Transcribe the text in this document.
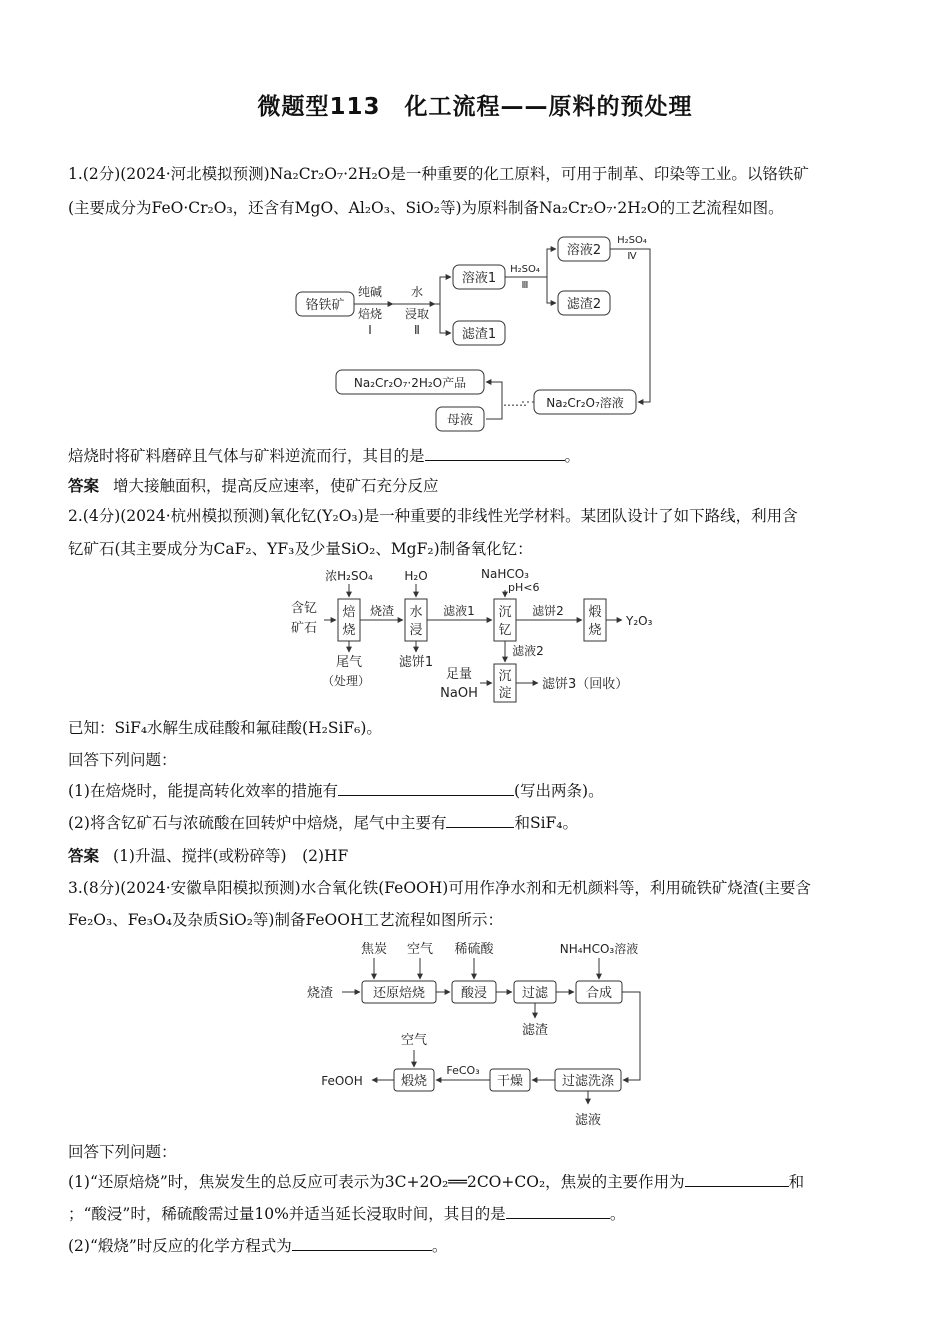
微题型113　化工流程——原料的预处理
1.(2分)(2024·河北模拟预测)Na₂Cr₂O₇·2H₂O是一种重要的化工原料，可用于制革、印染等工业。以铬铁矿
(主要成分为FeO·Cr₂O₃，还含有MgO、Al₂O₃、SiO₂等)为原料制备Na₂Cr₂O₇·2H₂O的工艺流程如图。
铬铁矿
纯碱
焙烧
Ⅰ
水
浸取
Ⅱ
溶液1
滤渣1
H₂SO₄
Ⅲ
溶液2
滤渣2
H₂SO₄
Ⅳ
Na₂Cr₂O₇溶液
Na₂Cr₂O₇·2H₂O产品
母液
……
焙烧时将矿料磨碎且气体与矿料逆流而行，其目的是	。
答案 增大接触面积，提高反应速率，使矿石充分反应
2.(4分)(2024·杭州模拟预测)氧化钇(Y₂O₃)是一种重要的非线性光学材料。某团队设计了如下路线，利用含
钇矿石(其主要成分为CaF₂、YF₃及少量SiO₂、MgF₂)制备氧化钇：
含钇
矿石
浓H₂SO₄	H₂O	NaHCO₃
pH<6
焙
烧
水
浸
沉
钇
煅
烧
沉
淀
烧渣	滤液1	滤饼2
Y₂O₃
尾气
（处理）
滤饼1
滤液2
足量
NaOH
滤饼3（回收）
已知：SiF₄水解生成硅酸和氟硅酸(H₂SiF₆)。
回答下列问题：
(1)在焙烧时，能提高转化效率的措施有	(写出两条)。
(2)将含钇矿石与浓硫酸在回转炉中焙烧，尾气中主要有	和SiF₄。
答案 (1)升温、搅拌(或粉碎等)　(2)HF
3.(8分)(2024·安徽阜阳模拟预测)水合氧化铁(FeOOH)可用作净水剂和无机颜料等，利用硫铁矿烧渣(主要含
Fe₂O₃、Fe₃O₄及杂质SiO₂等)制备FeOOH工艺流程如图所示：
焦炭 空气 稀硫酸	NH₄HCO₃溶液
烧渣	还原焙烧	酸浸	过滤	合成
滤渣
空气
FeOOH	煅烧
FeCO₃
干燥	过滤洗涤
滤液
回答下列问题：
(1)“还原焙烧”时，焦炭发生的总反应可表示为3C+2O₂══2CO+CO₂，焦炭的主要作用为	和
；“酸浸”时，稀硫酸需过量10%并适当延长浸取时间，其目的是	。
(2)“煅烧”时反应的化学方程式为	。
